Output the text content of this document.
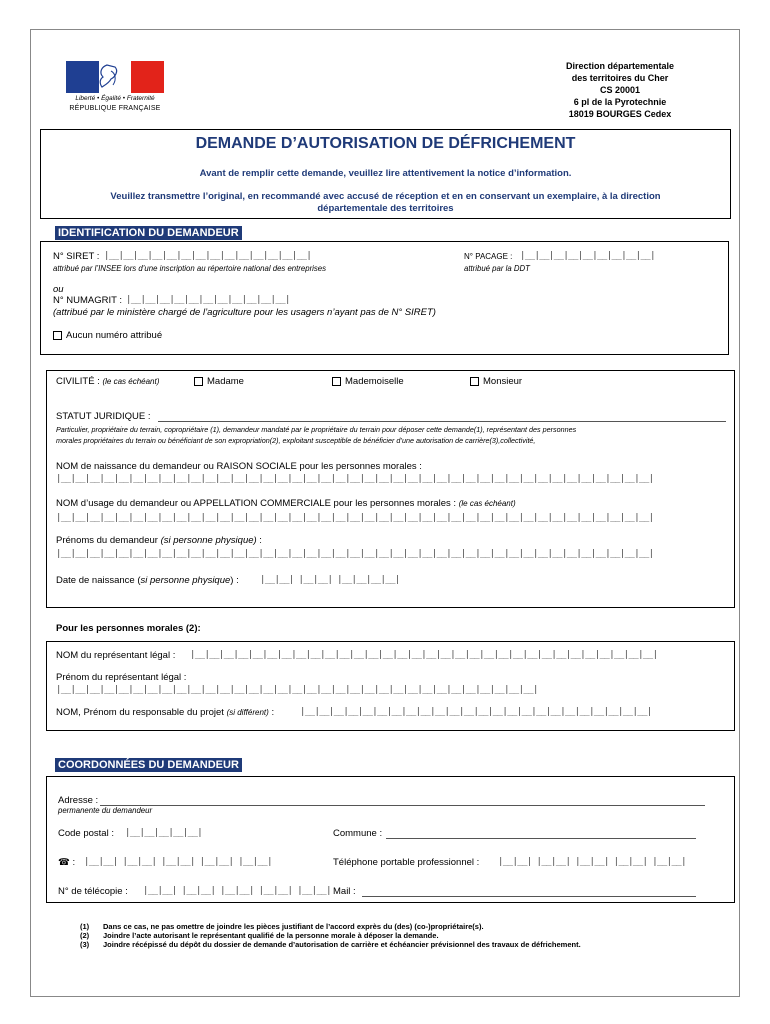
Liberté • Égalité • Fraternité
RÉPUBLIQUE FRANÇAISE
Direction départementale
des territoires du Cher
CS 20001
6 pl de la Pyrotechnie
18019 BOURGES Cedex
DEMANDE D’AUTORISATION DE DÉFRICHEMENT
Avant de remplir cette demande, veuillez lire attentivement la notice d’information.
Veuillez transmettre l’original, en recommandé avec accusé de réception et en en conservant un exemplaire, à la direction
départementale des territoires
IDENTIFICATION DU DEMANDEUR
N° SIRET : |__|__|__|__|__|__|__|__|__|__|__|__|__|__|
attribué par l’INSEE lors d’une inscription au répertoire national des entreprises
N° PACAGE : |__|__|__|__|__|__|__|__|__|
attribué par la DDT
ou
N° NUMAGRIT : |__|__|__|__|__|__|__|__|__|__|__|
(attribué par le ministère chargé de l’agriculture pour les usagers n’ayant pas de N° SIRET)
Aucun numéro attribué
CIVILITÉ : (le cas échéant)	Madame	Mademoiselle	Monsieur
STATUT JURIDIQUE :
Particulier, propriétaire du terrain, copropriétaire (1), demandeur mandaté par le propriétaire du terrain pour déposer cette demande(1), représentant des personnes
morales propriétaires du terrain ou bénéficiant de son expropriation(2), exploitant susceptible de bénéficier d’une autorisation de carrière(3),collectivité,
NOM de naissance du demandeur ou RAISON SOCIALE pour les personnes morales :
|__|__|__|__|__|__|__|__|__|__|__|__|__|__|__|__|__|__|__|__|__|__|__|__|__|__|__|__|__|__|__|__|__|__|__|__|__|__|__|__|__|
NOM d’usage du demandeur ou APPELLATION COMMERCIALE pour les personnes morales : (le cas échéant)
|__|__|__|__|__|__|__|__|__|__|__|__|__|__|__|__|__|__|__|__|__|__|__|__|__|__|__|__|__|__|__|__|__|__|__|__|__|__|__|__|__|
Prénoms du demandeur (si personne physique) :
|__|__|__|__|__|__|__|__|__|__|__|__|__|__|__|__|__|__|__|__|__|__|__|__|__|__|__|__|__|__|__|__|__|__|__|__|__|__|__|__|__|
Date de naissance (si personne physique) : |__|__| |__|__| |__|__|__|__|
Pour les personnes morales (2):
NOM du représentant légal : |__|__|__|__|__|__|__|__|__|__|__|__|__|__|__|__|__|__|__|__|__|__|__|__|__|__|__|__|__|__|__|__|
Prénom du représentant légal :
|__|__|__|__|__|__|__|__|__|__|__|__|__|__|__|__|__|__|__|__|__|__|__|__|__|__|__|__|__|__|__|__|__|
NOM, Prénom du responsable du projet (si différent) :	|__|__|__|__|__|__|__|__|__|__|__|__|__|__|__|__|__|__|__|__|__|__|__|__|
COORDONNÉES DU DEMANDEUR
Adresse :
permanente du demandeur
Code postal : |__|__|__|__|__|	Commune :
☎ : |__|__| |__|__| |__|__| |__|__| |__|__|	Téléphone portable professionnel : |__|__| |__|__| |__|__| |__|__| |__|__|
N° de télécopie : |__|__| |__|__| |__|__| |__|__| |__|__| Mail :
(1) Dans ce cas, ne pas omettre de joindre les pièces justifiant de l’accord exprès du (des) (co-)propriétaire(s).
(2) Joindre l’acte autorisant le représentant qualifié de la personne morale à déposer la demande.
(3) Joindre récépissé du dépôt du dossier de demande d’autorisation de carrière et échéancier prévisionnel des travaux de défrichement.
